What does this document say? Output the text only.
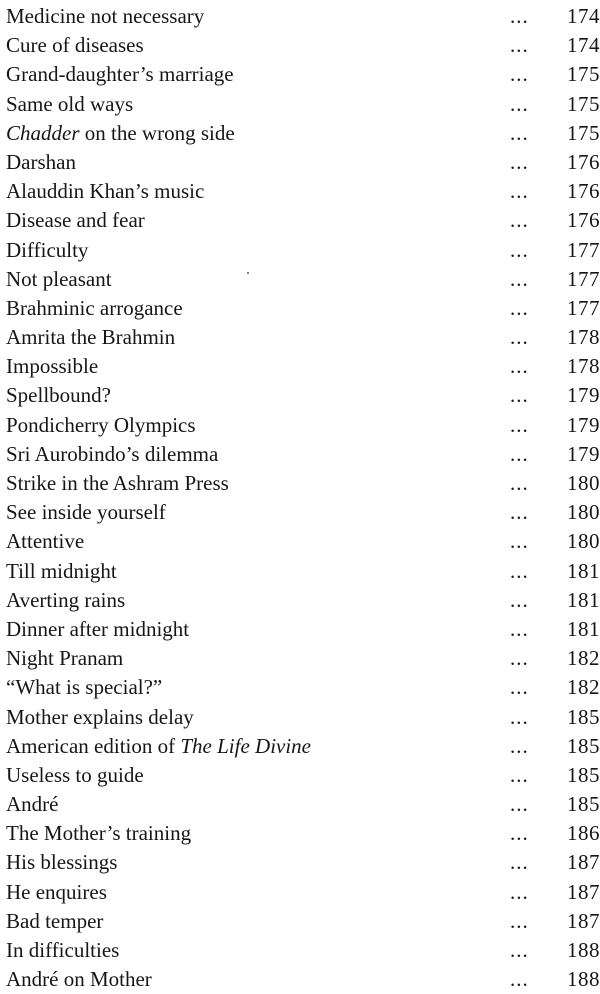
Medicine not necessary	...	174
Cure of diseases	...	174
Grand-daughter’s marriage	...	175
Same old ways	...	175
Chadder on the wrong side	...	175
Darshan	...	176
Alauddin Khan’s music	...	176
Disease and fear	...	176
Difficulty	...	177
Not pleasant	...	177
Brahminic arrogance	...	177
Amrita the Brahmin	...	178
Impossible	...	178
Spellbound?	...	179
Pondicherry Olympics	...	179
Sri Aurobindo’s dilemma	...	179
Strike in the Ashram Press	...	180
See inside yourself	...	180
Attentive	...	180
Till midnight	...	181
Averting rains	...	181
Dinner after midnight	...	181
Night Pranam	...	182
“What is special?”	...	182
Mother explains delay	...	185
American edition of The Life Divine	...	185
Useless to guide	...	185
André	...	185
The Mother’s training	...	186
His blessings	...	187
He enquires	...	187
Bad temper	...	187
In difficulties	...	188
André on Mother	...	188
